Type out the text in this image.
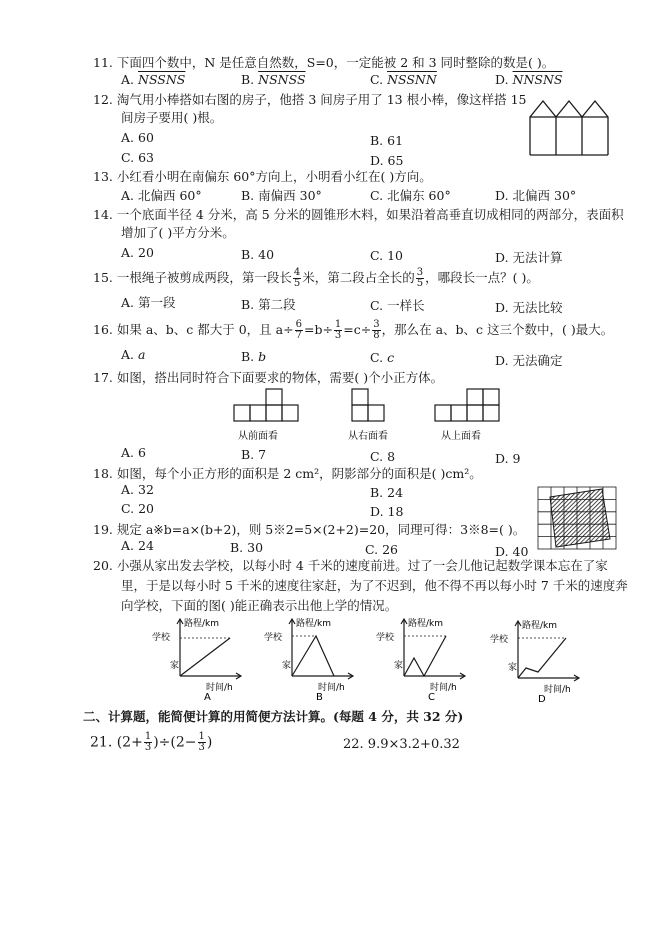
11. 下面四个数中，N 是任意自然数，S=0，一定能被 2 和 3 同时整除的数是( )。
A. NSSNS	B. NSNSS	C. NSSNN	D. NNSNS
12. 淘气用小棒搭如右图的房子，他搭 3 间房子用了 13 根小棒，像这样搭 15
间房子要用( )根。
A. 60	B. 61
C. 63	D. 65
13. 小红看小明在南偏东 60°方向上，小明看小红在( )方向。
A. 北偏西 60°	B. 南偏西 30°	C. 北偏东 60°	D. 北偏西 30°
14. 一个底面半径 4 分米，高 5 分米的圆锥形木料，如果沿着高垂直切成相同的两部分，表面积
增加了( )平方分米。
A. 20	B. 40	C. 10	D. 无法计算
15. 一根绳子被剪成两段，第一段长 $\frac{4}{5}$ 米，第二段占全长的 $\frac{3}{5}$ ，哪段长一点？( )。
A. 第一段	B. 第二段	C. 一样长	D. 无法比较
16. 如果 a、b、c 都大于 0，且 $a\div \frac{6}{7} =b\div \frac{1}{3} =c\div \frac{3}{8}$ ，那么在 a、b、c 这三个数中，( )最大。
A. a	B. b	C. c	D. 无法确定
17. 如图，搭出同时符合下面要求的物体，需要( )个小正方体。
从前面看	从右面看	从上面看
A. 6	B. 7	C. 8	D. 9
18. 如图，每个小正方形的面积是 2 cm²，阴影部分的面积是( )cm²。
A. 32	B. 24
C. 20	D. 18
19. 规定 a※b=a×(b+2)，则 5※2=5×(2+2)=20，同理可得：3※8=( )。
A. 24	B. 30	C. 26	D. 40
20. 小强从家出发去学校，以每小时 4 千米的速度前进。过了一会儿他记起数学课本忘在了家
里，于是以每小时 5 千米的速度往家赶，为了不迟到，他不得不再以每小时 7 千米的速度奔
向学校，下面的图( )能正确表示出他上学的情况。
路程/km
学校
家
时间/h
A
路程/km
学校
家
时间/h
B
路程/km
学校
家
时间/h
C
路程/km
学校
家
时间/h
D
二、计算题，能简便计算的用简便方法计算。(每题 4 分，共 32 分)
21. $(2+ \frac{1}{3} )\div(2- \frac{1}{3}$ )	22. 9.9×3.2+0.32
